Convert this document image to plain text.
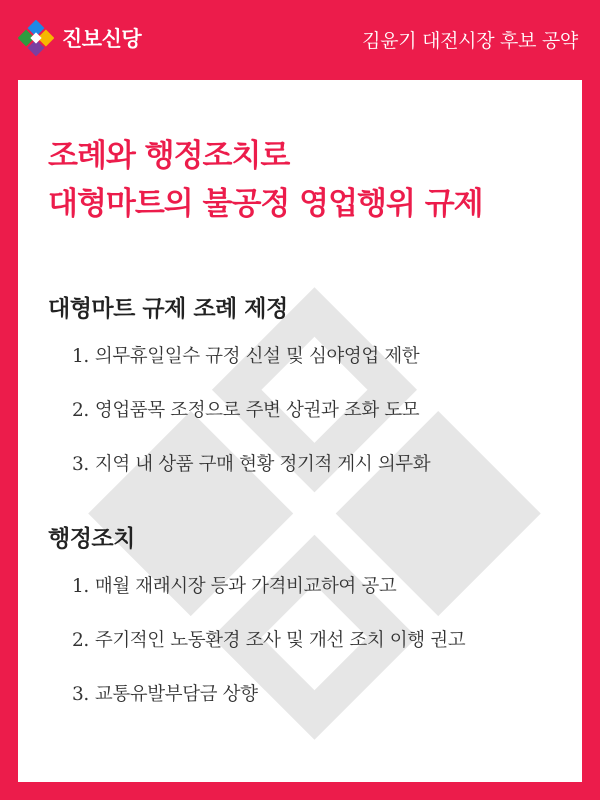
진보신당	김윤기 대전시장 후보 공약
조례와 행정조치로
대형마트의 불공정 영업행위 규제
대형마트 규제 조례 제정
1. 의무휴일일수 규정 신설 및 심야영업 제한
2. 영업품목 조정으로 주변 상권과 조화 도모
3. 지역 내 상품 구매 현황 정기적 게시 의무화
행정조치
1. 매월 재래시장 등과 가격비교하여 공고
2. 주기적인 노동환경 조사 및 개선 조치 이행 권고
3. 교통유발부담금 상향
